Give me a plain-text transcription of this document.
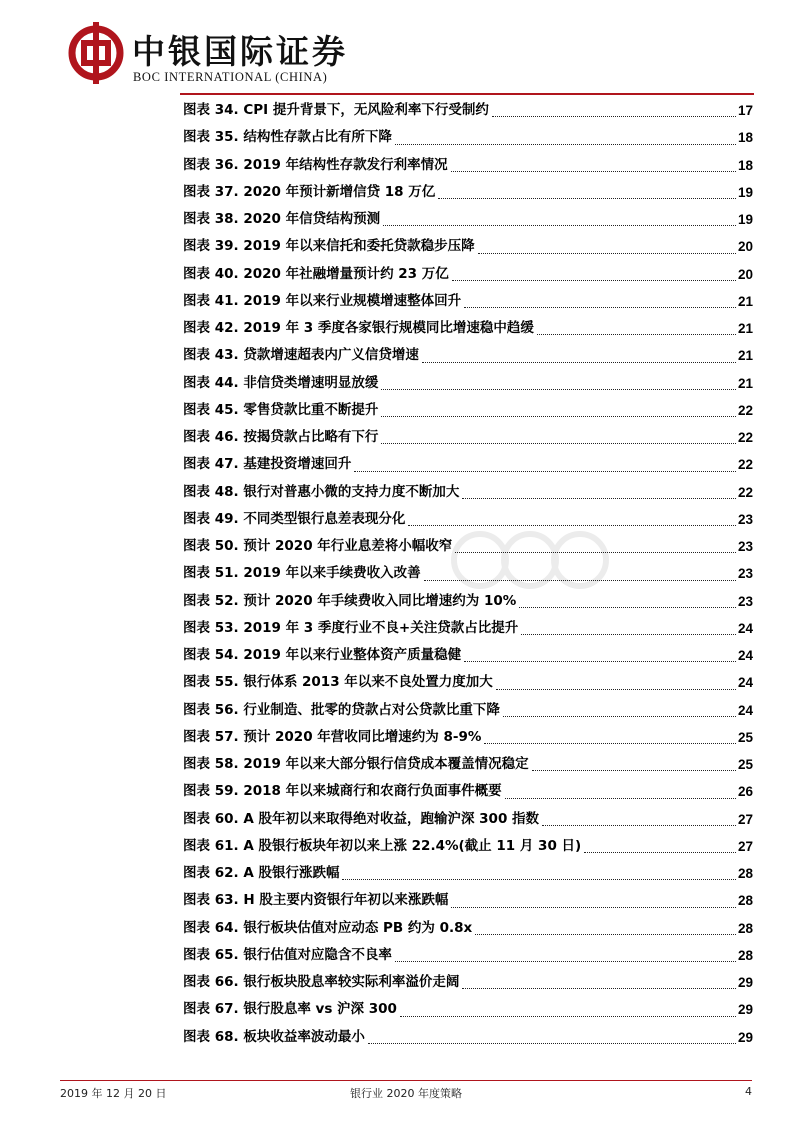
中银国际证券
BOC INTERNATIONAL (CHINA)
图表 34. CPI 提升背景下，无风险利率下行受制约	17
图表 35. 结构性存款占比有所下降	18
图表 36. 2019 年结构性存款发行利率情况	18
图表 37. 2020 年预计新增信贷 18 万亿	19
图表 38. 2020 年信贷结构预测	19
图表 39. 2019 年以来信托和委托贷款稳步压降	20
图表 40. 2020 年社融增量预计约 23 万亿	20
图表 41. 2019 年以来行业规模增速整体回升	21
图表 42. 2019 年 3 季度各家银行规模同比增速稳中趋缓	21
图表 43. 贷款增速超表内广义信贷增速	21
图表 44. 非信贷类增速明显放缓	21
图表 45. 零售贷款比重不断提升	22
图表 46. 按揭贷款占比略有下行	22
图表 47. 基建投资增速回升	22
图表 48. 银行对普惠小微的支持力度不断加大	22
图表 49. 不同类型银行息差表现分化	23
图表 50. 预计 2020 年行业息差将小幅收窄	23
图表 51. 2019 年以来手续费收入改善	23
图表 52. 预计 2020 年手续费收入同比增速约为 10%	23
图表 53. 2019 年 3 季度行业不良+关注贷款占比提升	24
图表 54. 2019 年以来行业整体资产质量稳健	24
图表 55. 银行体系 2013 年以来不良处置力度加大	24
图表 56. 行业制造、批零的贷款占对公贷款比重下降	24
图表 57. 预计 2020 年营收同比增速约为 8-9%	25
图表 58. 2019 年以来大部分银行信贷成本覆盖情况稳定	25
图表 59. 2018 年以来城商行和农商行负面事件概要	26
图表 60. A 股年初以来取得绝对收益，跑输沪深 300 指数	27
图表 61. A 股银行板块年初以来上涨 22.4%(截止 11 月 30 日)	27
图表 62. A 股银行涨跌幅	28
图表 63. H 股主要内资银行年初以来涨跌幅	28
图表 64. 银行板块估值对应动态 PB 约为 0.8x	28
图表 65. 银行估值对应隐含不良率	28
图表 66. 银行板块股息率较实际利率溢价走阔	29
图表 67. 银行股息率 vs 沪深 300	29
图表 68. 板块收益率波动最小	29
2019 年 12 月 20 日	银行业 2020 年度策略	4
